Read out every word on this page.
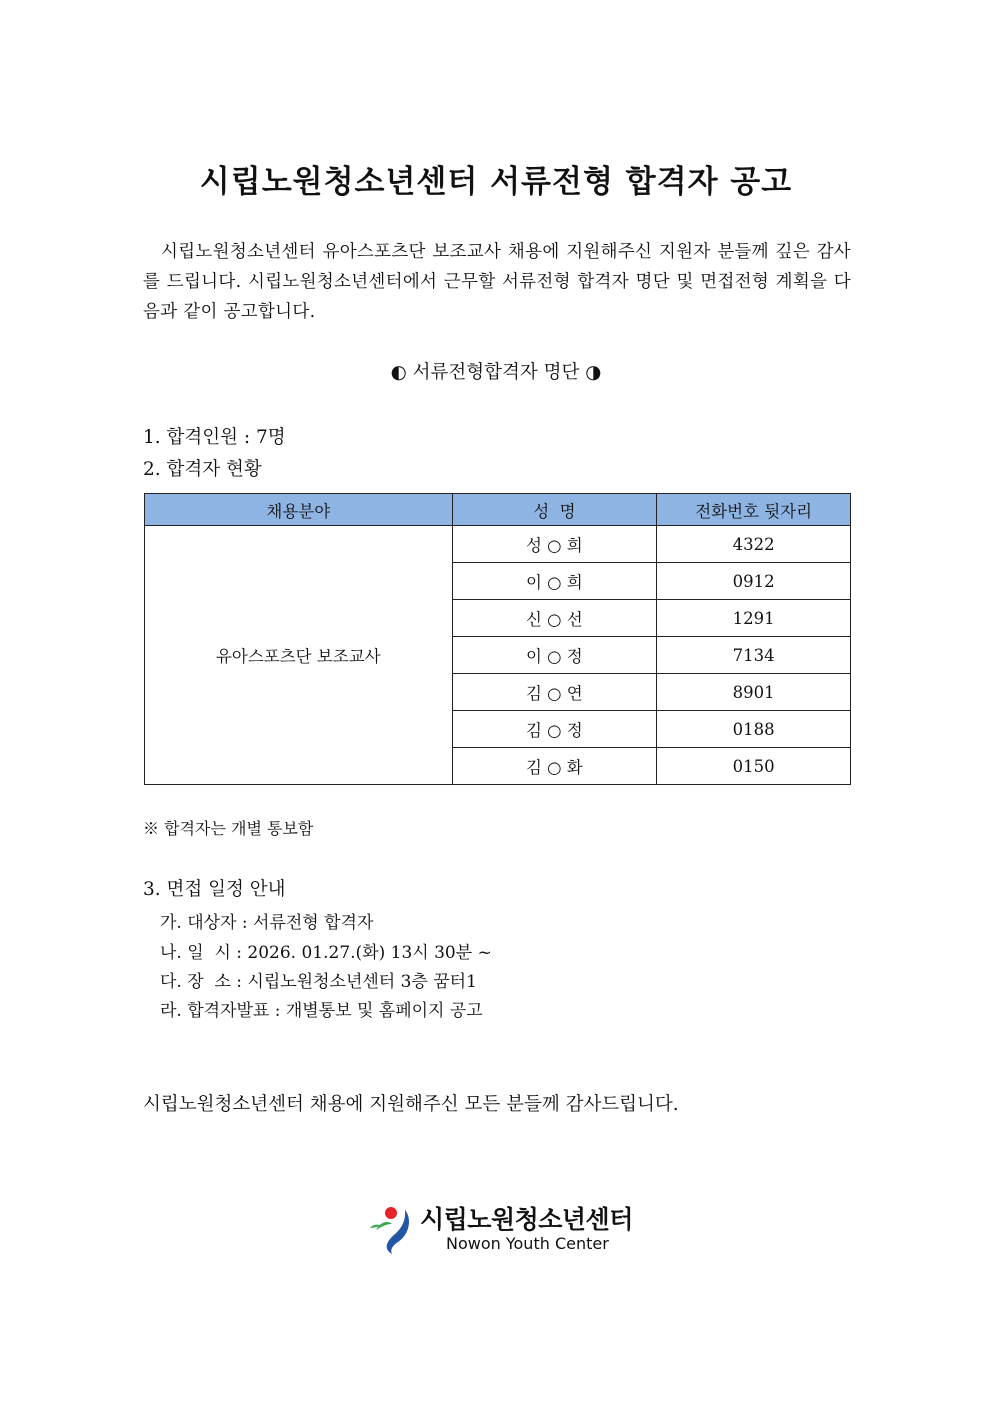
시립노원청소년센터 서류전형 합격자 공고
시립노원청소년센터 유아스포츠단 보조교사 채용에 지원해주신 지원자 분들께 깊은 감사를 드립니다. 시립노원청소년센터에서 근무할 서류전형 합격자 명단 및 면접전형 계획을 다음과 같이 공고합니다.
◐ 서류전형합격자 명단 ◑
1. 합격인원 : 7명
2. 합격자 현황
채용분야	성  명	전화번호 뒷자리
유아스포츠단 보조교사	성 ○ 희	4322
	이 ○ 희	0912
	신 ○ 선	1291
	이 ○ 정	7134
	김 ○ 연	8901
	김 ○ 정	0188
	김 ○ 화	0150
※ 합격자는 개별 통보함
3. 면접 일정 안내
가. 대상자 : 서류전형 합격자
나. 일  시 : 2026. 01.27.(화) 13시 30분 ~
다. 장  소 : 시립노원청소년센터 3층 꿈터1
라. 합격자발표 : 개별통보 및 홈페이지 공고
시립노원청소년센터 채용에 지원해주신 모든 분들께 감사드립니다.
시립노원청소년센터
Nowon Youth Center
